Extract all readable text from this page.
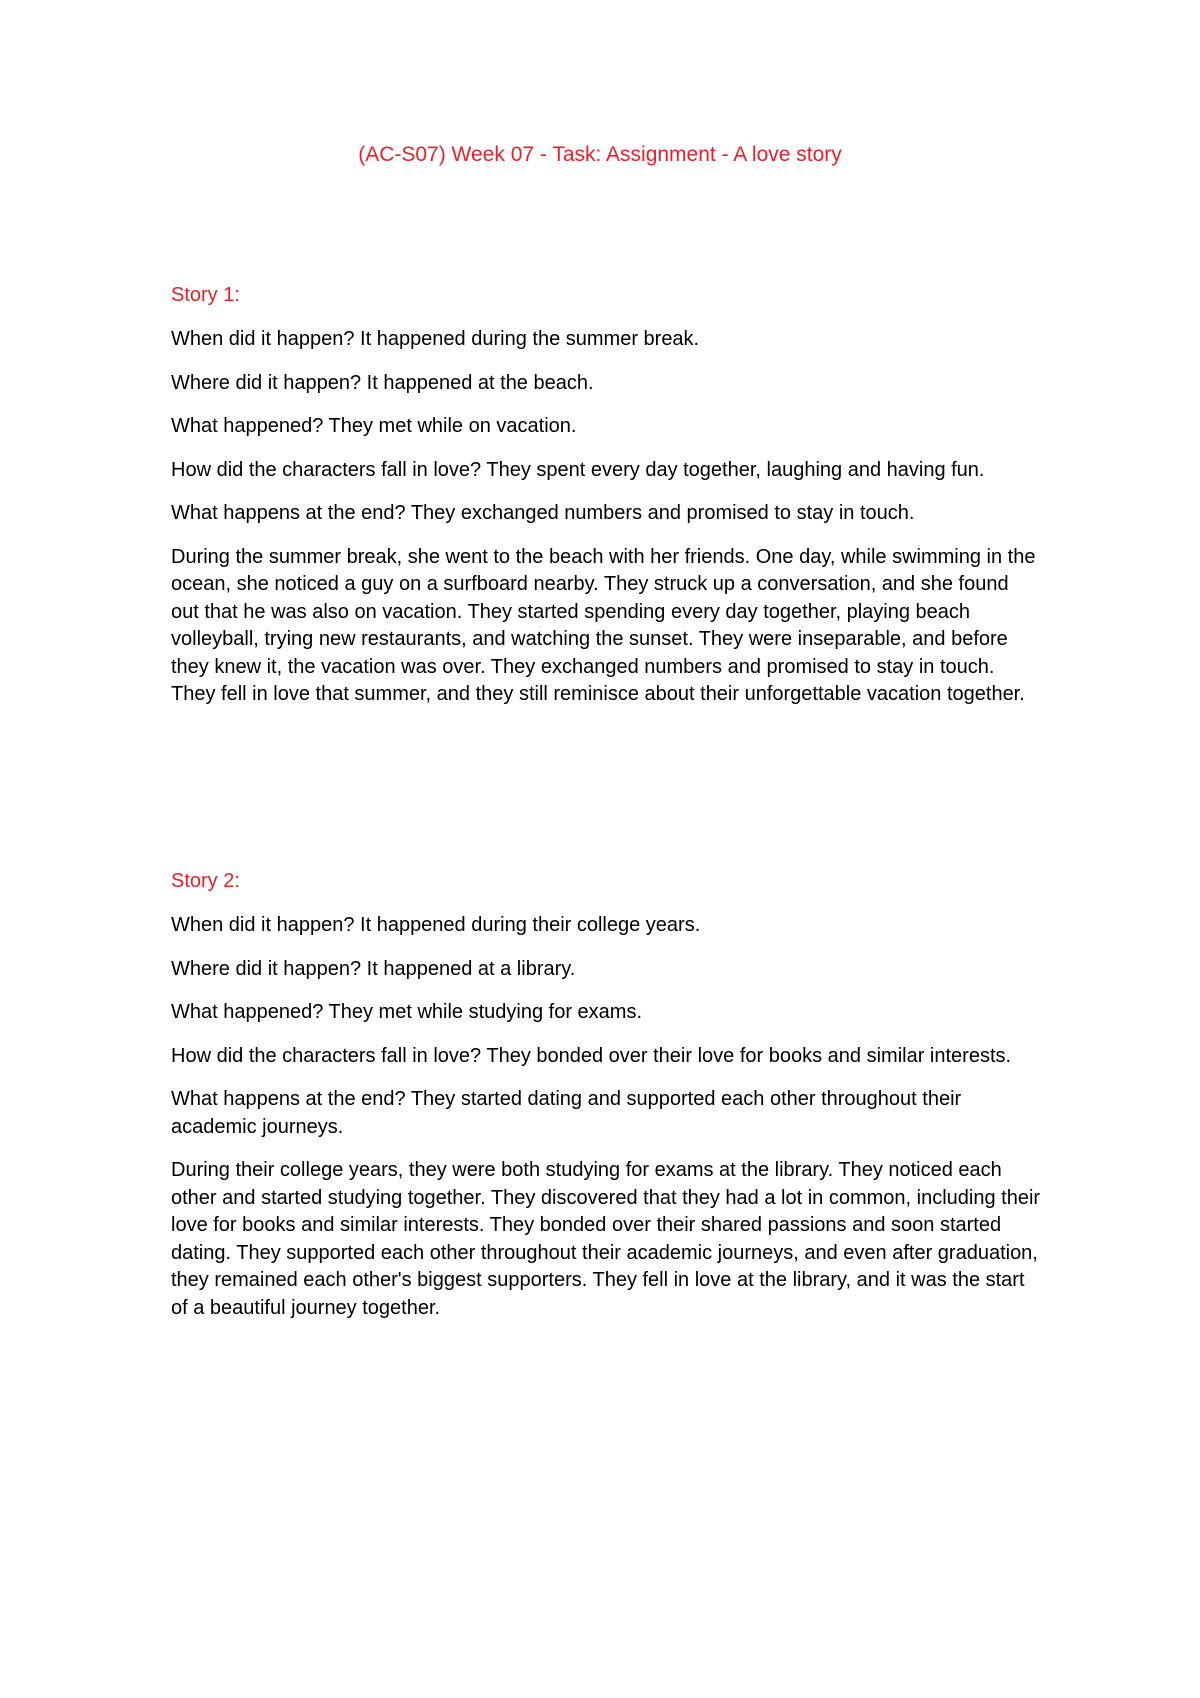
(AC-S07) Week 07 - Task: Assignment - A love story
Story 1:

When did it happen? It happened during the summer break.

Where did it happen? It happened at the beach.

What happened? They met while on vacation.

How did the characters fall in love? They spent every day together, laughing and having fun.

What happens at the end? They exchanged numbers and promised to stay in touch.

During the summer break, she went to the beach with her friends. One day, while swimming in the ocean, she noticed a guy on a surfboard nearby. They struck up a conversation, and she found out that he was also on vacation. They started spending every day together, playing beach volleyball, trying new restaurants, and watching the sunset. They were inseparable, and before they knew it, the vacation was over. They exchanged numbers and promised to stay in touch. They fell in love that summer, and they still reminisce about their unforgettable vacation together.

Story 2:

When did it happen? It happened during their college years.

Where did it happen? It happened at a library.

What happened? They met while studying for exams.

How did the characters fall in love? They bonded over their love for books and similar interests.

What happens at the end? They started dating and supported each other throughout their academic journeys.

During their college years, they were both studying for exams at the library. They noticed each other and started studying together. They discovered that they had a lot in common, including their love for books and similar interests. They bonded over their shared passions and soon started dating. They supported each other throughout their academic journeys, and even after graduation, they remained each other's biggest supporters. They fell in love at the library, and it was the start of a beautiful journey together.
